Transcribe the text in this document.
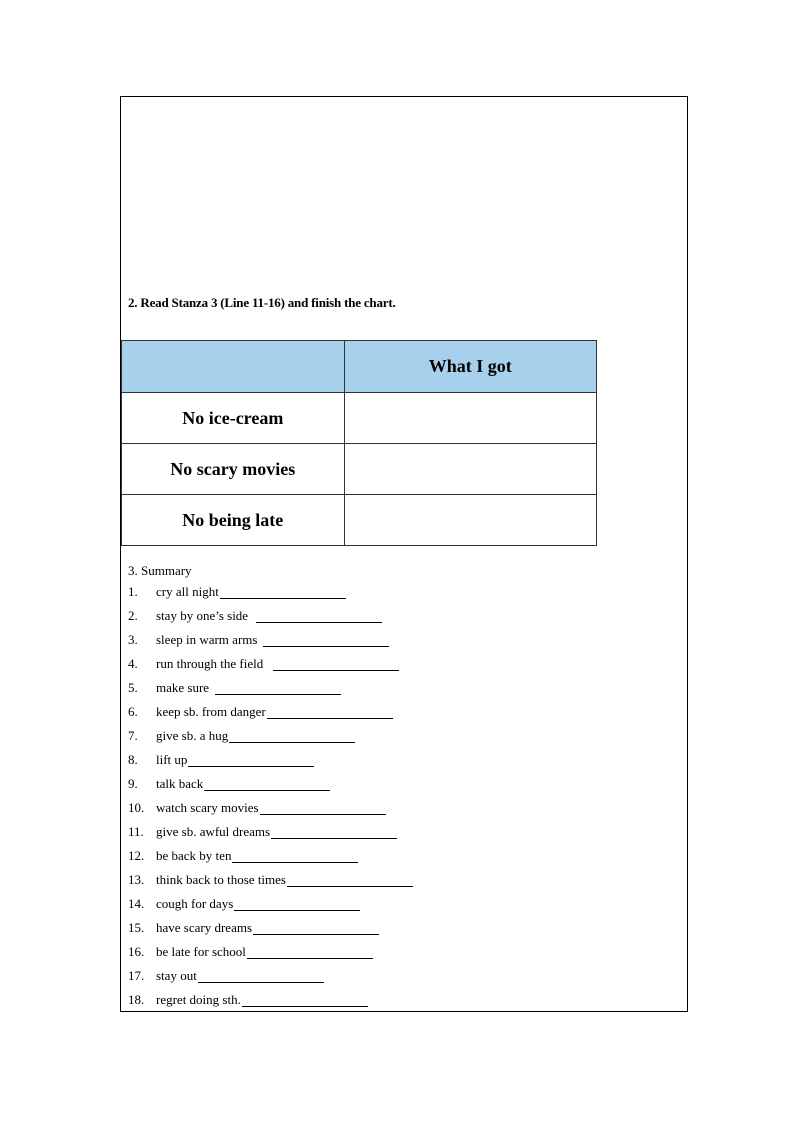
2. Read Stanza 3 (Line 11-16) and finish the chart.
	What I got
No ice-cream	
No scary movies	
No being late	
3. Summary
1.	cry all night
2.	stay by one’s side
3.	sleep in warm arms
4.	run through the field
5.	make sure
6.	keep sb. from danger
7.	give sb. a hug
8.	lift up
9.	talk back
10. watch scary movies
11. give sb. awful dreams
12. be back by ten
13. think back to those times
14. cough for days
15. have scary dreams
16. be late for school
17. stay out
18. regret doing sth.
